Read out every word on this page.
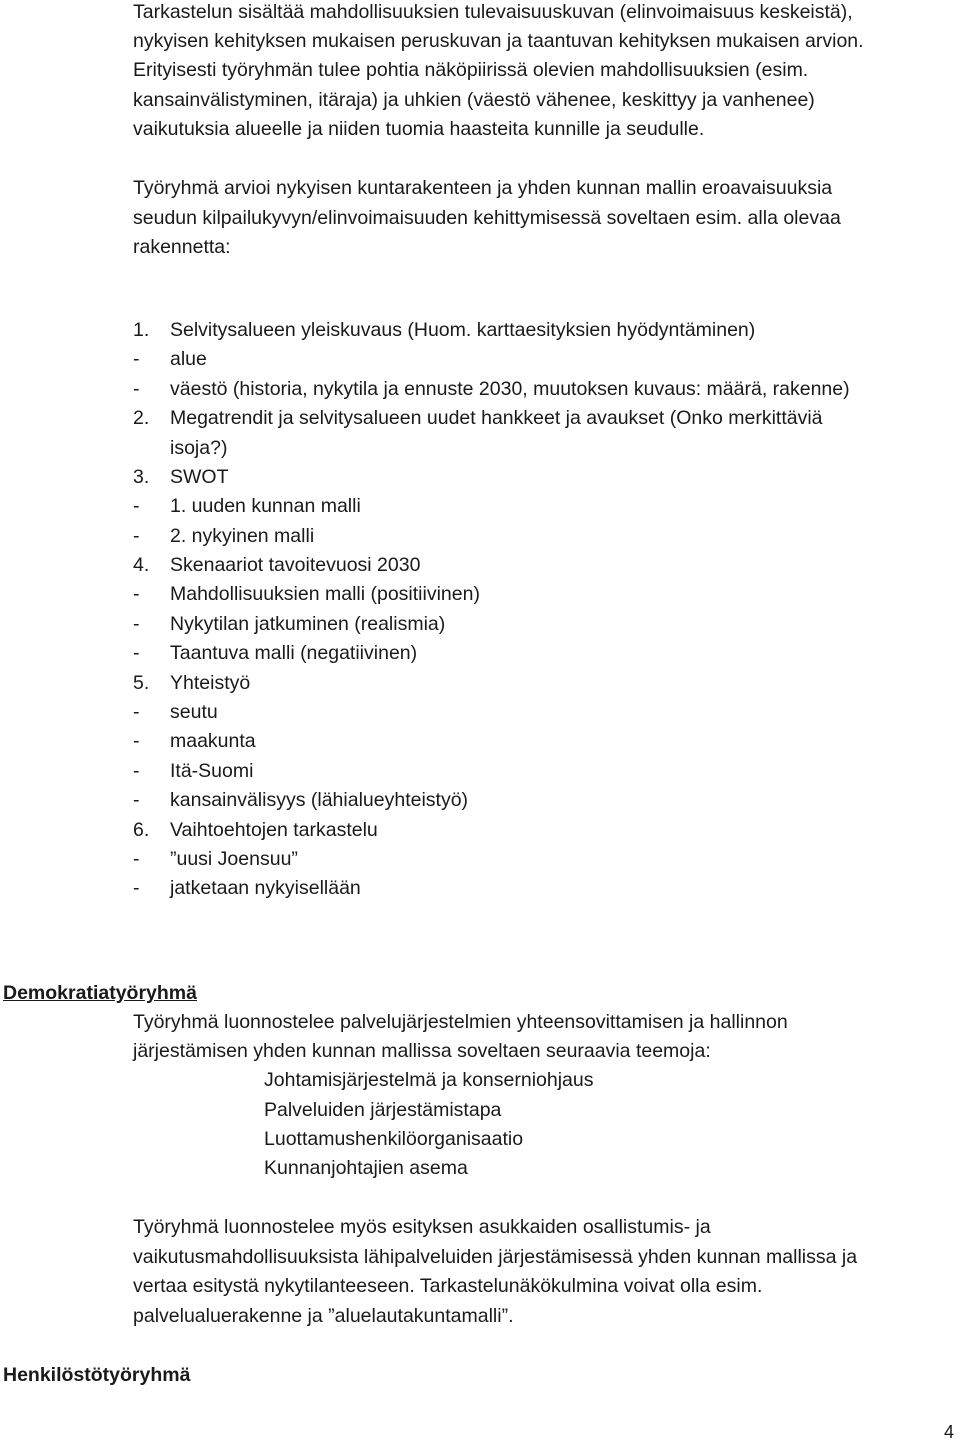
Tarkastelun sisältää mahdollisuuksien tulevaisuuskuvan (elinvoimaisuus keskeistä),
nykyisen kehityksen mukaisen peruskuvan ja taantuvan kehityksen mukaisen arvion.
Erityisesti työryhmän tulee pohtia näköpiirissä olevien mahdollisuuksien (esim.
kansainvälistyminen, itäraja) ja uhkien (väestö vähenee, keskittyy ja vanhenee)
vaikutuksia alueelle ja niiden tuomia haasteita kunnille ja seudulle.
Työryhmä arvioi nykyisen kuntarakenteen ja yhden kunnan mallin eroavaisuuksia
seudun kilpailukyvyn/elinvoimaisuuden kehittymisessä soveltaen esim. alla olevaa
rakennetta:
1. Selvitysalueen yleiskuvaus (Huom. karttaesityksien hyödyntäminen)
- alue
- väestö (historia, nykytila ja ennuste 2030, muutoksen kuvaus: määrä, rakenne)
2. Megatrendit ja selvitysalueen uudet hankkeet ja avaukset (Onko merkittäviä
isoja?)
3. SWOT
- 1. uuden kunnan malli
- 2. nykyinen malli
4. Skenaariot tavoitevuosi 2030
- Mahdollisuuksien malli (positiivinen)
- Nykytilan jatkuminen (realismia)
- Taantuva malli (negatiivinen)
5. Yhteistyö
- seutu
- maakunta
- Itä-Suomi
- kansainvälisyys (lähialueyhteistyö)
6. Vaihtoehtojen tarkastelu
- ”uusi Joensuu”
- jatketaan nykyisellään
Demokratiatyöryhmä
Työryhmä luonnostelee palvelujärjestelmien yhteensovittamisen ja hallinnon
järjestämisen yhden kunnan mallissa soveltaen seuraavia teemoja:
Johtamisjärjestelmä ja konserniohjaus
Palveluiden järjestämistapa
Luottamushenkilöorganisaatio
Kunnanjohtajien asema
Työryhmä luonnostelee myös esityksen asukkaiden osallistumis- ja
vaikutusmahdollisuuksista lähipalveluiden järjestämisessä yhden kunnan mallissa ja
vertaa esitystä nykytilanteeseen. Tarkastelunäkökulmina voivat olla esim.
palvelualuerakenne ja ”aluelautakuntamalli”.
Henkilöstötyöryhmä
4
